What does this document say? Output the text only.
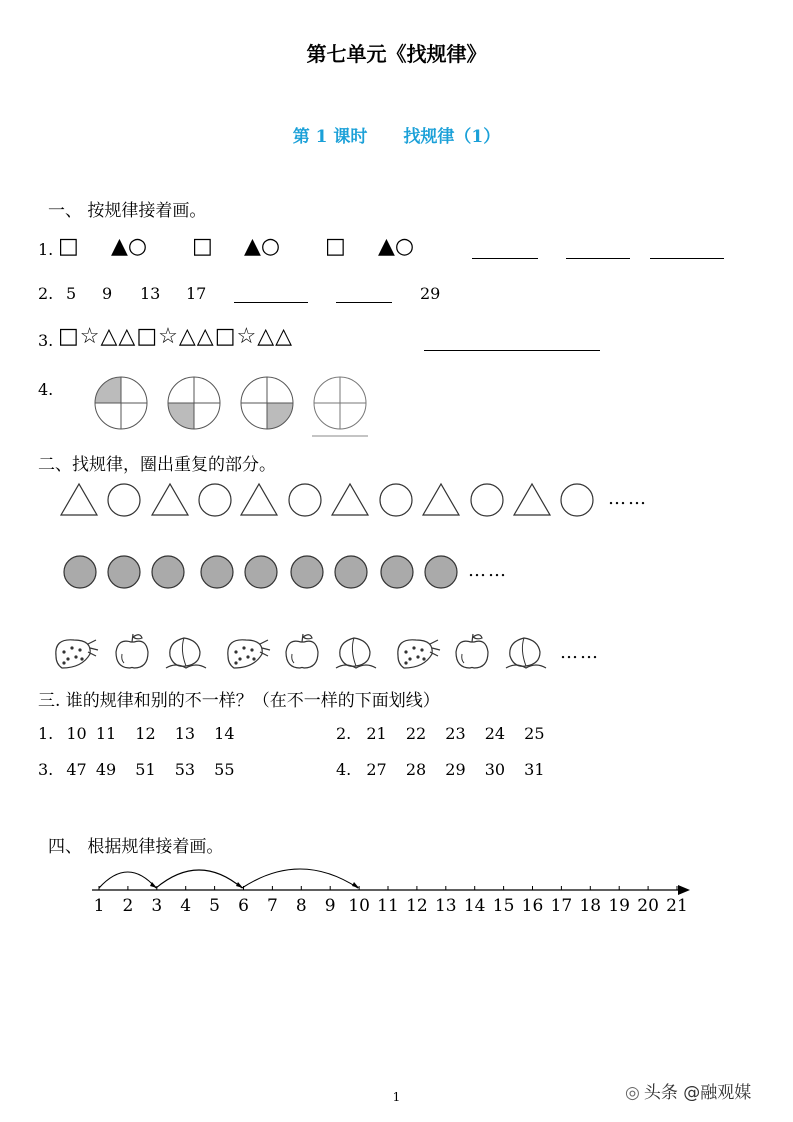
第七单元《找规律》
第 1 课时 找规律（1）
一、 按规律接着画。
1. □ ▲○ □ ▲○ □ ▲○
2. 5 9 13 17	29
3. □☆△△□☆△△□☆△△
4.
二、找规律，圈出重复的部分。
……
……
……
三. 谁的规律和别的不一样？（在不一样的下面划线）
1. 10 11 12 13 14	2. 21 22 23 24 25
3. 47 49 51 53 55	4. 27 28 29 30 31
四、 根据规律接着画。
1 2 3 4 5 6 7 8 9 10 11 12 13 14 15 16 17 18 19 20 21
1	◎ 头条 @融观媒
